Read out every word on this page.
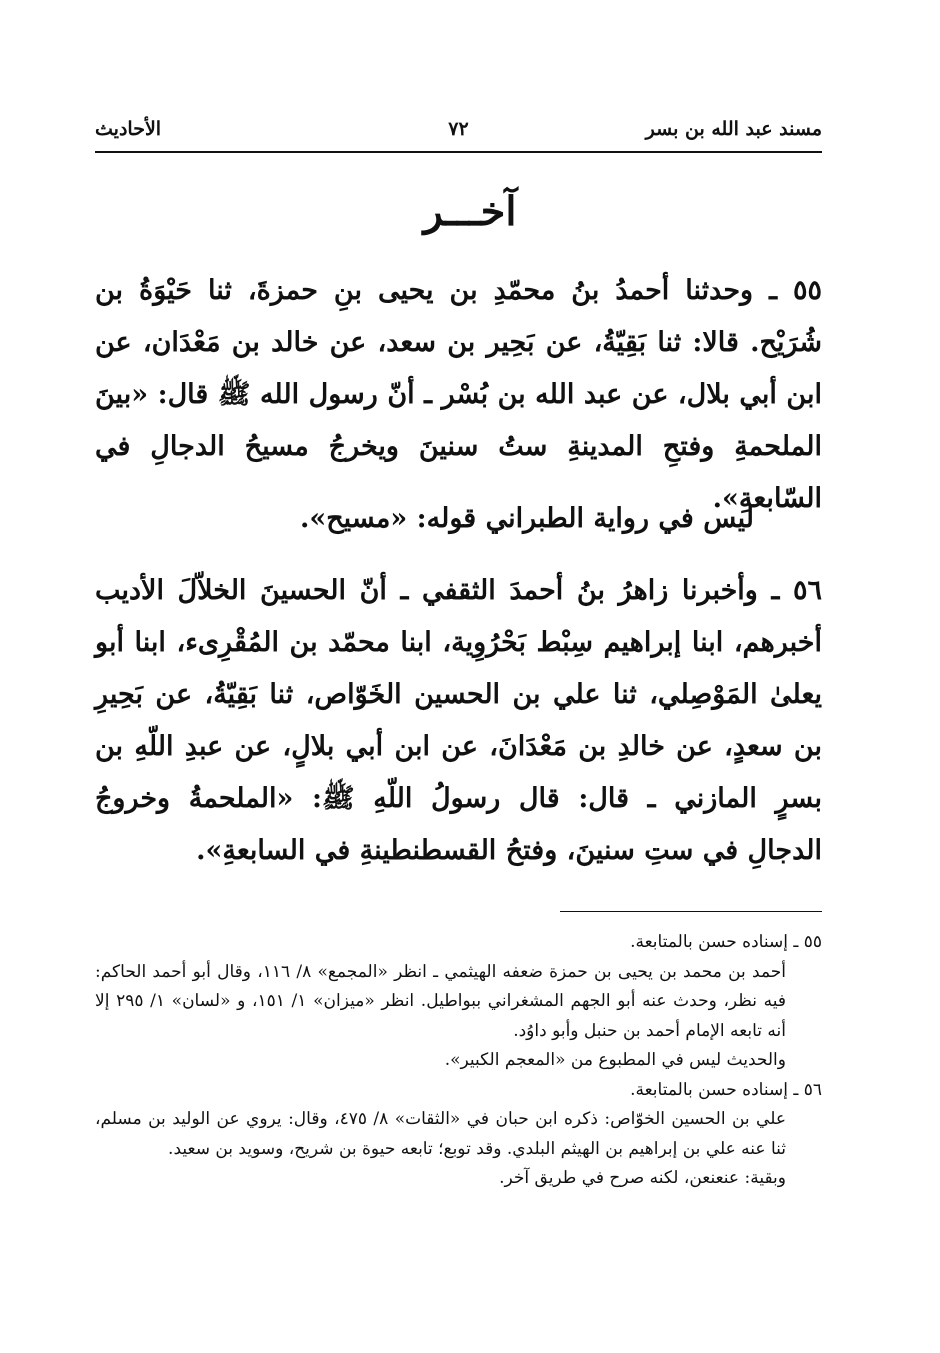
مسند عبد الله بن بسر
٧٢
الأحاديث
آخـــر
٥٥ ـ وحدثنا أحمدُ بنُ محمّدِ بن يحيى بنِ حمزةَ، ثنا حَيْوَةُ بن شُرَيْح. قالا: ثنا بَقِيّةُ، عن بَحِير بن سعد، عن خالد بن مَعْدَان، عن ابن أبي بلال، عن عبد الله بن بُسْر ـ أنّ رسول الله ﷺ قال: «بينَ الملحمةِ وفتحِ المدينةِ ستُ سنينَ ويخرجُ مسيحُ الدجالِ في السّابعةِ».
ليس في رواية الطبراني قوله: «مسيح».
٥٦ ـ وأخبرنا زاهرُ بنُ أحمدَ الثقفي ـ أنّ الحسينَ الخلاّلَ الأديب أخبرهم، ابنا إبراهيم سِبْط بَحْرُوِية، ابنا محمّد بن المُقْرِىء، ابنا أبو يعلىٰ المَوْصِلي، ثنا علي بن الحسين الخَوّاص، ثنا بَقِيّةُ، عن بَحِيرِ بن سعدٍ، عن خالدِ بن مَعْدَانَ، عن ابن أبي بلالٍ، عن عبدِ اللّهِ بن بسرٍ المازني ـ قال: قال رسولُ اللّهِ ﷺ: «الملحمةُ وخروجُ الدجالِ في ستِ سنينَ، وفتحُ القسطنطينةِ في السابعةِ».
٥٥ ـ إسناده حسن بالمتابعة.
أحمد بن محمد بن يحيى بن حمزة ضعفه الهيثمي ـ انظر «المجمع» ٨/ ١١٦، وقال أبو أحمد الحاكم: فيه نظر، وحدث عنه أبو الجهم المشغراني ببواطيل. انظر «ميزان» ١/ ١٥١، و «لسان» ١/ ٢٩٥ إلا أنه تابعه الإمام أحمد بن حنبل وأبو داوُد.
والحديث ليس في المطبوع من «المعجم الكبير».
٥٦ ـ إسناده حسن بالمتابعة.
علي بن الحسين الخوّاص: ذكره ابن حبان في «الثقات» ٨/ ٤٧٥، وقال: يروي عن الوليد بن مسلم، ثنا عنه علي بن إبراهيم بن الهيثم البلدي. وقد توبع؛ تابعه حيوة بن شريح، وسويد بن سعيد.
وبقية: عنعنعن، لكنه صرح في طريق آخر.
